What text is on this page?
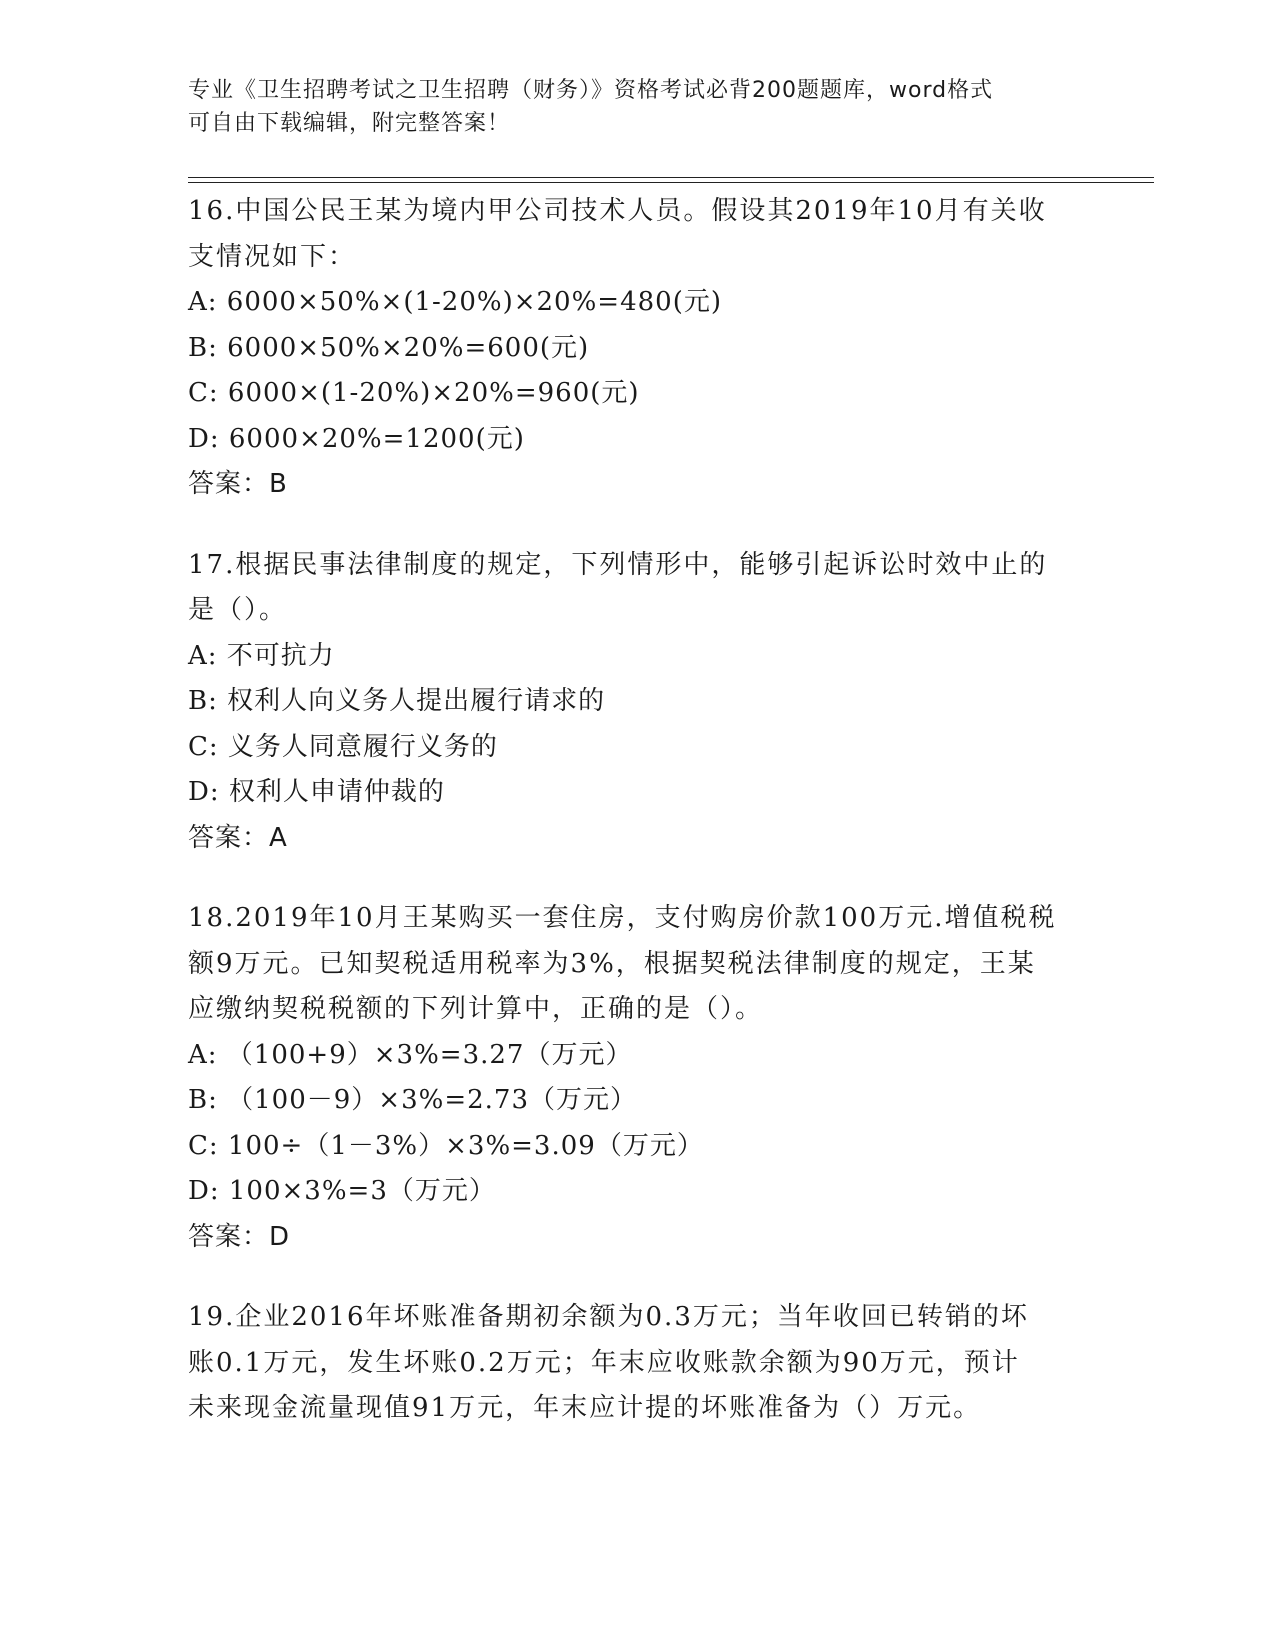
专业《卫生招聘考试之卫生招聘（财务）》资格考试必背200题题库，word格式
可自由下载编辑，附完整答案！
16.中国公民王某为境内甲公司技术人员。假设其2019年10月有关收
支情况如下：
A: 6000×50%×(1-20%)×20%=480(元)
B: 6000×50%×20%=600(元)
C: 6000×(1-20%)×20%=960(元)
D: 6000×20%=1200(元)
答案：B
17.根据民事法律制度的规定，下列情形中，能够引起诉讼时效中止的
是（）。
A: 不可抗力
B: 权利人向义务人提出履行请求的
C: 义务人同意履行义务的
D: 权利人申请仲裁的
答案：A
18.2019年10月王某购买一套住房，支付购房价款100万元.增值税税
额9万元。已知契税适用税率为3%，根据契税法律制度的规定，王某
应缴纳契税税额的下列计算中，正确的是（）。
A: （100+9）×3%=3.27（万元）
B: （100－9）×3%=2.73（万元）
C: 100÷（1－3%）×3%=3.09（万元）
D: 100×3%=3（万元）
答案：D
19.企业2016年坏账准备期初余额为0.3万元；当年收回已转销的坏
账0.1万元，发生坏账0.2万元；年末应收账款余额为90万元，预计
未来现金流量现值91万元，年末应计提的坏账准备为（）万元。
